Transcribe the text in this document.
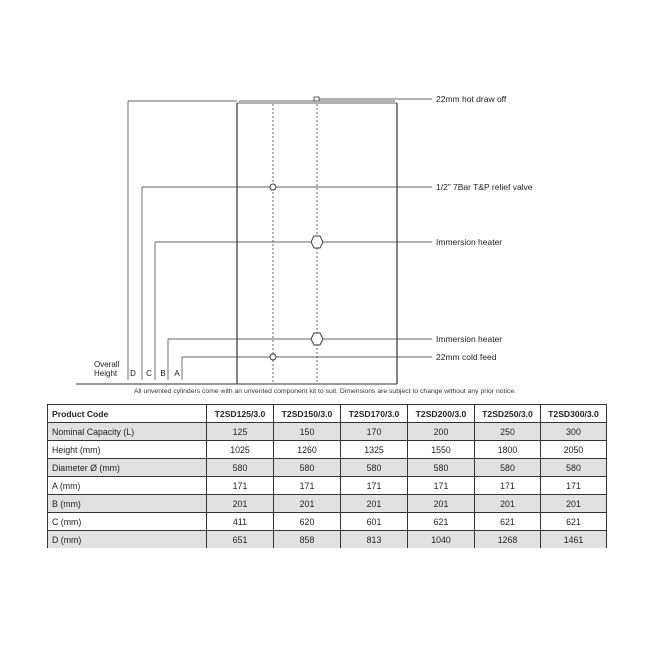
22mm hot draw off
1/2” 7Bar T&P relief valve
Immersion heater
Immersion heater
22mm cold feed
Overall
Height D C B A
All unvented cylinders come with an unvented component kit to suit. Dimensions are subject to change without any prior notice.
Product Code	T2SD125/3.0	T2SD150/3.0	T2SD170/3.0	T2SD200/3.0	T2SD250/3.0	T2SD300/3.0
Nominal Capacity (L)	125	150	170	200	250	300
Height (mm)	1025	1260	1325	1550	1800	2050
Diameter Ø (mm)	580	580	580	580	580	580
A (mm)	171	171	171	171	171	171
B (mm)	201	201	201	201	201	201
C (mm)	411	620	601	621	621	621
D (mm)	651	858	813	1040	1268	1461
